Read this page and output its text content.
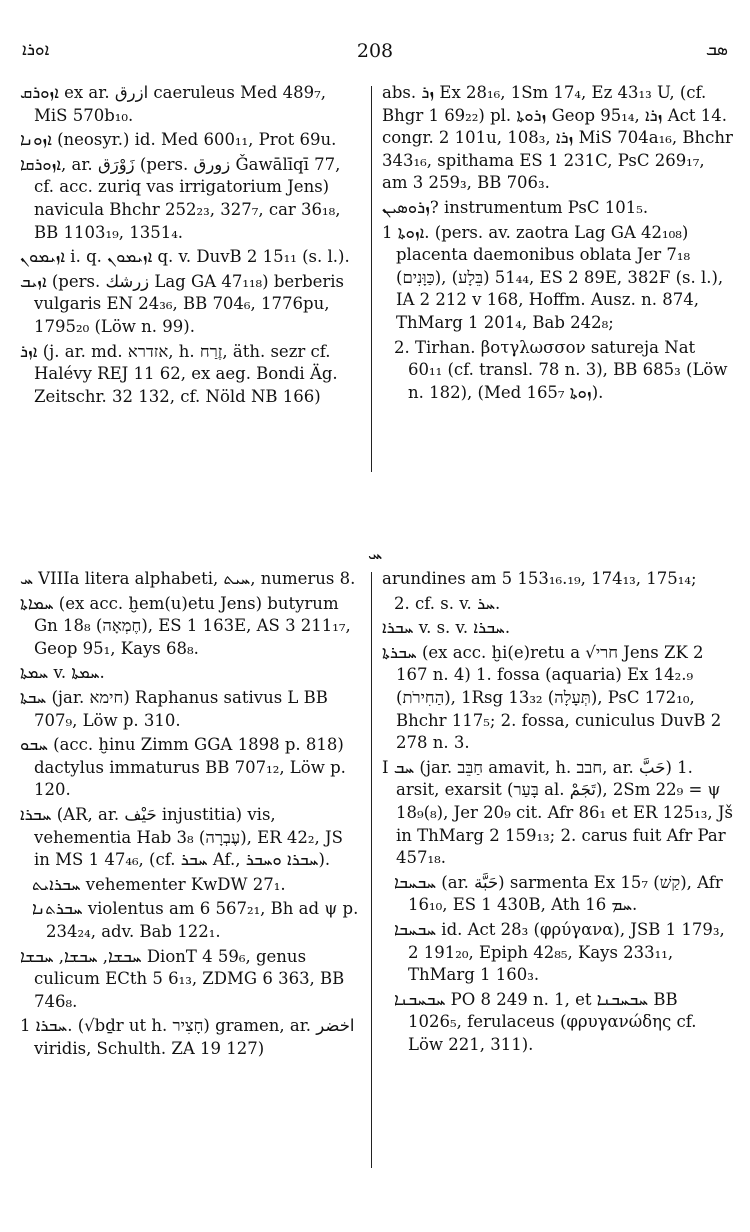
ܐܘܪܐ	208	ܣܒ

ܐܙܘܪܩ ex ar. ازرق caeruleus Med 489₇, MiS 570b₁₀.

ܐܙܘܢܐ (neosyr.) id. Med 600₁₁, Prot 69u.

ܐܙܘܪܩܐ, ar. زَوْرَق (pers. زورق Ǧawālīqī 77, cf. acc. zuriq vas irrigatorium Jens) navicula Bhchr 252₂₃, 327₇, car 36₁₈, BB 1103₁₉, 1351₄.

ܐܙܝܡܘܢ i. q. ܐܙܝܡܘܢ q. v. DuvB 2 15₁₁ (s. l.).

ܐܙܝܒ (pers. زرشك Lag GA 47₁₁₈) berberis vulgaris EN 24₃₆, BB 704₆, 1776pu, 1795₂₀ (Löw n. 99).

ܐܙܪ (j. ar. md. אזדרא, h. זֶרַח, äth. sezr cf. Halévy REJ 11 62, ex aeg. Bondi Äg. Zeitschr. 32 132, cf. Nöld NB 166)

abs. ܙܪ Ex 28₁₆, 1Sm 17₄, Ez 43₁₃ U, (cf. Bhgr 1 69₂₂) pl. ܙܪܘܬܐ Geop 95₁₄, ܙܪܐ Act 14. congr. 2 101u, 108₃, ܙܪܐ MiS 704a₁₆, Bhchr 343₁₆, spithama ES 1 231C, PsC 269₁₇, am 3 259₃, BB 706₃.

ܙܪܘܣܝܢ? instrumentum PsC 101₅.

ܐܙܘܬܐ 1. (pers. av. zaotra Lag GA 42₁₀₈) placenta daemonibus oblata Jer 7₁₈ (כַּוָּנִים), 51₄₄ (בֵּלָע), ES 2 89E, 382F (s. l.), IA 2 212 v 168, Hoffm. Ausz. n. 874, ThMarg 1 201₄, Bab 242₈;

2. Tirhan. βοτγλωσσον satureja Nat 60₁₁ (cf. transl. 78 n. 3), BB 685₃ (Löw n. 182), (Med 165₇ ܙܘܬܐ).

ܚ

ܚ VIIIa litera alphabeti, ܚܝܬ, numerus 8.

ܚܡܐܬܐ (ex acc. ḫem(u)etu Jens) butyrum Gn 18₈ (חֶמְאָה), ES 1 163E, AS 3 211₁₇, Geop 95₁, Kays 68₈.

ܚܡܬܐ v. ܚܡܬܐ.

ܚܒܬܐ (jar. חימא) Raphanus sativus L BB 707₉, Löw p. 310.

ܚܒܘ (acc. ḫinu Zimm GGA 1898 p. 818) dactylus immaturus BB 707₁₂, Löw p. 120.

ܚܒܪܐ (AR, ar. حَيْف injustitia) vis, vehementia Hab 3₈ (עֶבְרָה), ER 42₂, JS in MS 1 47₄₆, (cf. ܚܒܪ Af., ܚܒܪܐ ܘܚܒܪ).

ܚܒܪܐܝܬ vehementer KwDW 27₁.

ܚܒܪܬܢܐ violentus am 6 567₂₁, Bh ad ψ p. 234₂₄, adv. Bab 122₁.

ܚܒܫܐ, ܚܒܫܐ, ܚܒܫܐ DionT 4 59₆, genus culicum ECth 5 6₁₃, ZDMG 6 363, BB 746₈.

ܚܒܪܐ 1. (√bḏr ut h. חָצִיר) gramen, ar. اخضر viridis, Schulth. ZA 19 127)

arundines am 5 153₁₆.₁₉, 174₁₃, 175₁₄;

2. cf. s. v. ܚܪ.

ܚܒܪܐ v. s. v. ܚܒܪܐ.

ܚܒܪܬܐ (ex acc. ḫi(e)retu a √חרי Jens ZK 2 167 n. 4) 1. fossa (aquaria) Ex 14₂.₉ (הַחִירֹת), 1Rsg 13₃₂ (תְּעָלָה), PsC 172₁₀, Bhchr 117₅; 2. fossa, cuniculus DuvB 2 278 n. 3.

I ܚܒ (jar. חַבֵּב amavit, h. חבב, ar. حَبَّ) 1. arsit, exarsit (בָּעַר al. تَجَمْ), 2Sm 22₉ = ψ 18₉(₈), Jer 20₉ cit. Afr 86₁ et ER 125₁₃, Jš in ThMarg 2 159₁₃; 2. carus fuit Afr Par 457₁₈.

ܚܒܚܒܐ (ar. حَبَّة) sarmenta Ex 15₇ (קַשׁ), Afr 16₁₀, ES 1 430B, Ath ܚܡ 16.

ܚܒܚܒܐ id. Act 28₃ (φρύγανα), JSB 1 179₃, 2 191₂₀, Epiph 42₈₅, Kays 233₁₁, ThMarg 1 160₃.

ܚܒܚܒܢܐ PO 8 249 n. 1, et ܚܒܚܒܢܐ BB 1026₅, ferulaceus (φρυγανώδης cf. Löw 221, 311).
